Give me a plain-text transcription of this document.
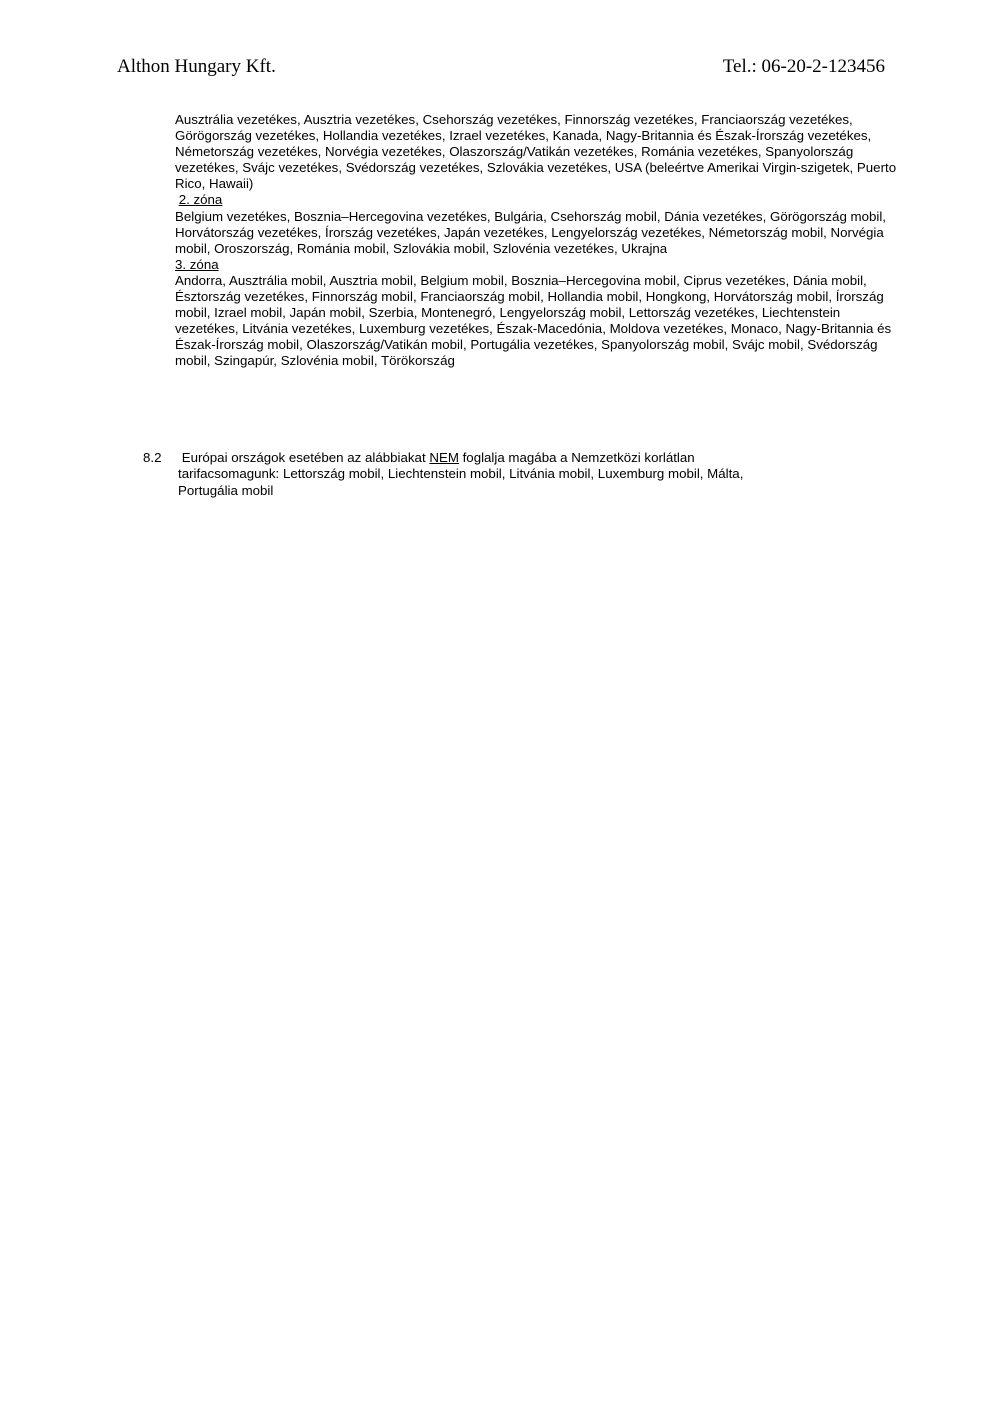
Althon Hungary Kft.	Tel.: 06-20-2-123456

Ausztrália vezetékes, Ausztria vezetékes, Csehország vezetékes, Finnország vezetékes, Franciaország vezetékes, Görögország vezetékes, Hollandia vezetékes, Izrael vezetékes, Kanada, Nagy-Britannia és Észak-Írország vezetékes, Németország vezetékes, Norvégia vezetékes, Olaszország/Vatikán vezetékes, Románia vezetékes, Spanyolország vezetékes, Svájc vezetékes, Svédország vezetékes, Szlovákia vezetékes, USA (beleértve Amerikai Virgin-szigetek, Puerto Rico, Hawaii)

2. zóna

Belgium vezetékes, Bosznia–Hercegovina vezetékes, Bulgária, Csehország mobil, Dánia vezetékes, Görögország mobil, Horvátország vezetékes, Írország vezetékes, Japán vezetékes, Lengyelország vezetékes, Németország mobil, Norvégia mobil, Oroszország, Románia mobil, Szlovákia mobil, Szlovénia vezetékes, Ukrajna

3. zóna

Andorra, Ausztrália mobil, Ausztria mobil, Belgium mobil, Bosznia–Hercegovina mobil, Ciprus vezetékes, Dánia mobil, Észtország vezetékes, Finnország mobil, Franciaország mobil, Hollandia mobil, Hongkong, Horvátország mobil, Írország mobil, Izrael mobil, Japán mobil, Szerbia, Montenegró, Lengyelország mobil, Lettország vezetékes, Liechtenstein vezetékes, Litvánia vezetékes, Luxemburg vezetékes, Észak-Macedónia, Moldova vezetékes, Monaco, Nagy-Britannia és Észak-Írország mobil, Olaszország/Vatikán mobil, Portugália vezetékes, Spanyolország mobil, Svájc mobil, Svédország mobil, Szingapúr, Szlovénia mobil, Törökország

8.2	Európai országok esetében az alábbiakat NEM foglalja magába a Nemzetközi korlátlan tarifacsomagunk: Lettország mobil, Liechtenstein mobil, Litvánia mobil, Luxemburg mobil, Málta, Portugália mobil
